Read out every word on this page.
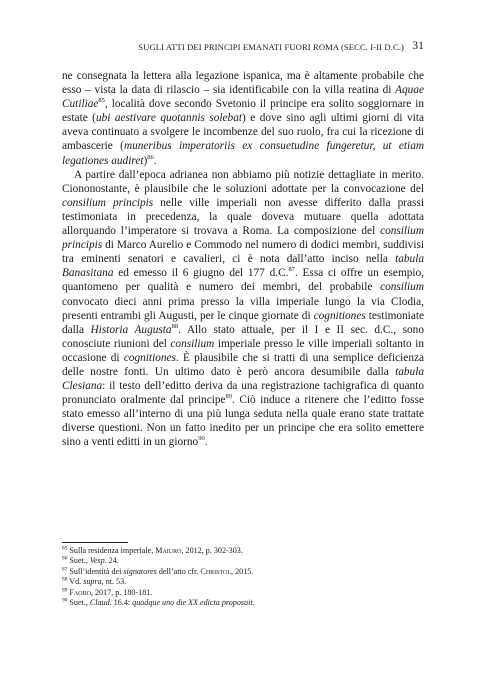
SUGLI ATTI DEI PRINCIPI EMANATI FUORI ROMA (SECC. I-II D.C.) 31

ne consegnata la lettera alla legazione ispanica, ma è altamente probabile che esso – vista la data di rilascio – sia identificabile con la villa reatina di Aquae Cutiliae$^{85}$, località dove secondo Svetonio il principe era solito soggiornare in estate (ubi aestivare quotannis solebat) e dove sino agli ultimi giorni di vita aveva continuato a svolgere le incombenze del suo ruolo, fra cui la ricezione di ambascerie (muneribus imperatoriis ex consuetudine fungeretur, ut etiam legationes audiret)$^{86}$.

A partire dall’epoca adrianea non abbiamo più notizie dettagliate in merito. Ciononostante, è plausibile che le soluzioni adottate per la convocazione del consilium principis nelle ville imperiali non avesse differito dalla prassi testimoniata in precedenza, la quale doveva mutuare quella adottata allorquando l’imperatore si trovava a Roma. La composizione del consilium principis di Marco Aurelio e Commodo nel numero di dodici membri, suddivisi tra eminenti senatori e cavalieri, ci è nota dall’atto inciso nella tabula Banasitana ed emesso il 6 giugno del 177 d.C.$^{87}$. Essa ci offre un esempio, quantomeno per qualità e numero dei membri, del probabile consilium convocato dieci anni prima presso la villa imperiale lungo la via Clodia, presenti entrambi gli Augusti, per le cinque giornate di cognitiones testimoniate dalla Historia Augusta$^{88}$. Allo stato attuale, per il I e II sec. d.C., sono conosciute riunioni del consilium imperiale presso le ville imperiali soltanto in occasione di cognitiones. È plausibile che si tratti di una semplice deficienza delle nostre fonti. Un ultimo dato è però ancora desumibile dalla tabula Clesiana: il testo dell’editto deriva da una registrazione tachigrafica di quanto pronunciato oralmente dal principe$^{89}$. Ciò induce a ritenere che l’editto fosse stato emesso all’interno di una più lunga seduta nella quale erano state trattate diverse questioni. Non un fatto inedito per un principe che era solito emettere sino a venti editti in un giorno$^{90}$.

$^{85}$ Sulla residenza imperiale, Maiuro, 2012, p. 302-303.
$^{86}$ Suet., Vesp. 24.
$^{87}$ Sull’identità dei signatores dell’atto cfr. Christol, 2015.
$^{88}$ Vd. supra, nt. 53.
$^{89}$ Faoro, 2017, p. 180-181.
$^{90}$ Suet., Claud. 16.4: quodque uno die XX edicta proposuit.
